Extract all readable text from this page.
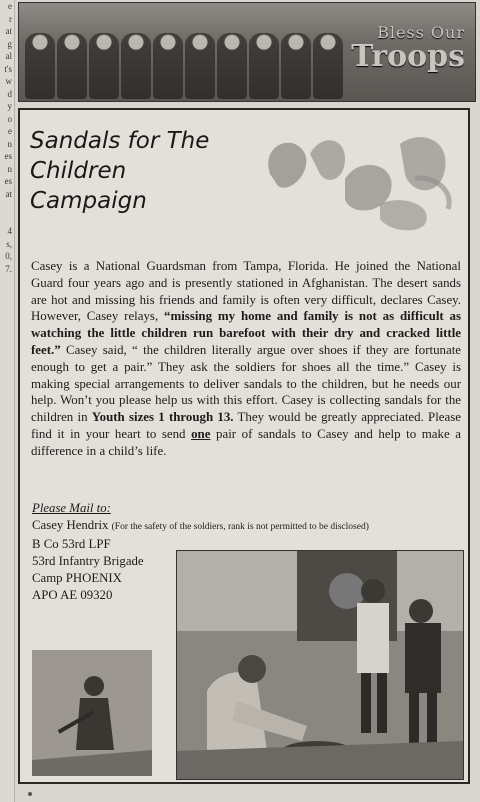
e
r
at
g
al
t's
w
d
y
o
e
n
es
n
es
at

4
s,
0,
7.
Bless Our
Troops
Sandals for The
Children Campaign
Casey is a National Guardsman from Tampa, Florida. He joined the National Guard four years ago and is presently stationed in Afghanistan. The desert sands are hot and missing his friends and family is often very difficult, declares Casey. However, Casey relays, “missing my home and family is not as difficult as watching the little children run barefoot with their dry and cracked little feet.” Casey said, “ the children literally argue over shoes if they are fortunate enough to get a pair.” They ask the soldiers for shoes all the time.” Casey is making special arrangements to deliver sandals to the children, but he needs our help. Won’t you please help us with this effort. Casey is collecting sandals for the children in Youth sizes 1 through 13. They would be greatly appreciated. Please find it in your heart to send one pair of sandals to Casey and help to make a difference in a child’s life.
Please Mail to:
Casey Hendrix (For the safety of the soldiers, rank is not permitted to be disclosed)
B Co 53rd LPF
53rd Infantry Brigade
Camp PHOENIX
APO AE 09320
